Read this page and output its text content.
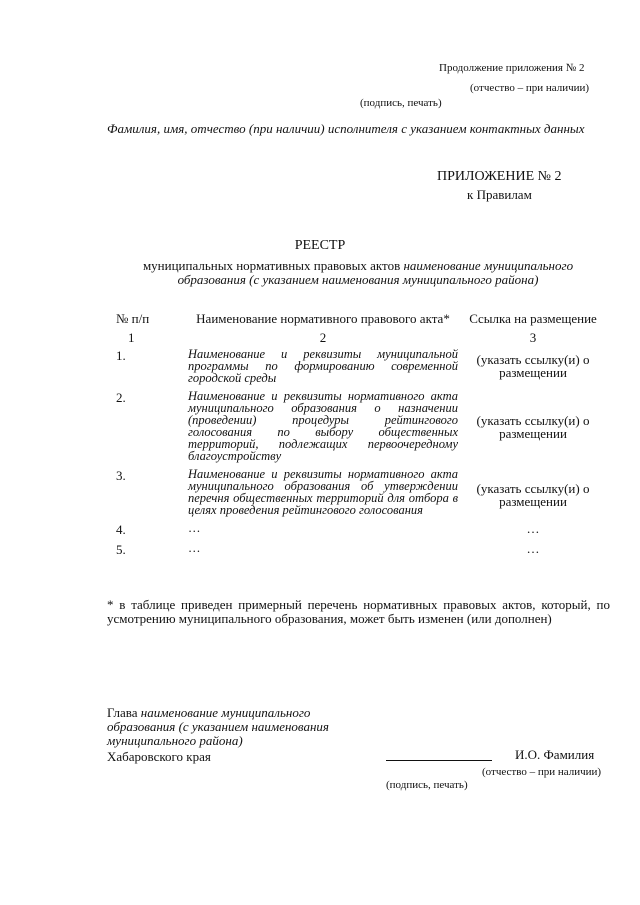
Продолжение приложения № 2
(отчество – при наличии)
(подпись, печать)
Фамилия, имя, отчество (при наличии) исполнителя с указанием контактных данных
ПРИЛОЖЕНИЕ № 2
к Правилам
РЕЕСТР
муниципальных нормативных правовых актов наименование муниципального образования (с указанием наименования муниципального района)
№ п/п	Наименование нормативного правового акта*	Ссылка на размещение
1	2	3
1.	Наименование и реквизиты муниципальной программы по формированию современной городской среды	(указать ссылку(и) о размещении
2.	Наименование и реквизиты нормативного акта муниципального образования о назначении (проведении) процедуры рейтингового голосования по выбору общественных территорий, подлежащих первоочередному благоустройству	(указать ссылку(и) о размещении
3.	Наименование и реквизиты нормативного акта муниципального образования об утверждении перечня общественных территорий для отбора в целях проведения рейтингового голосования	(указать ссылку(и) о размещении
4.	…	…
5.	…	…
* в таблице приведен примерный перечень нормативных правовых актов, который, по усмотрению муниципального образования, может быть изменен (или дополнен)
Глава наименование муниципального образования (с указанием наименования муниципального района)
Хабаровского края	И.О. Фамилия
(отчество – при наличии)
(подпись, печать)
